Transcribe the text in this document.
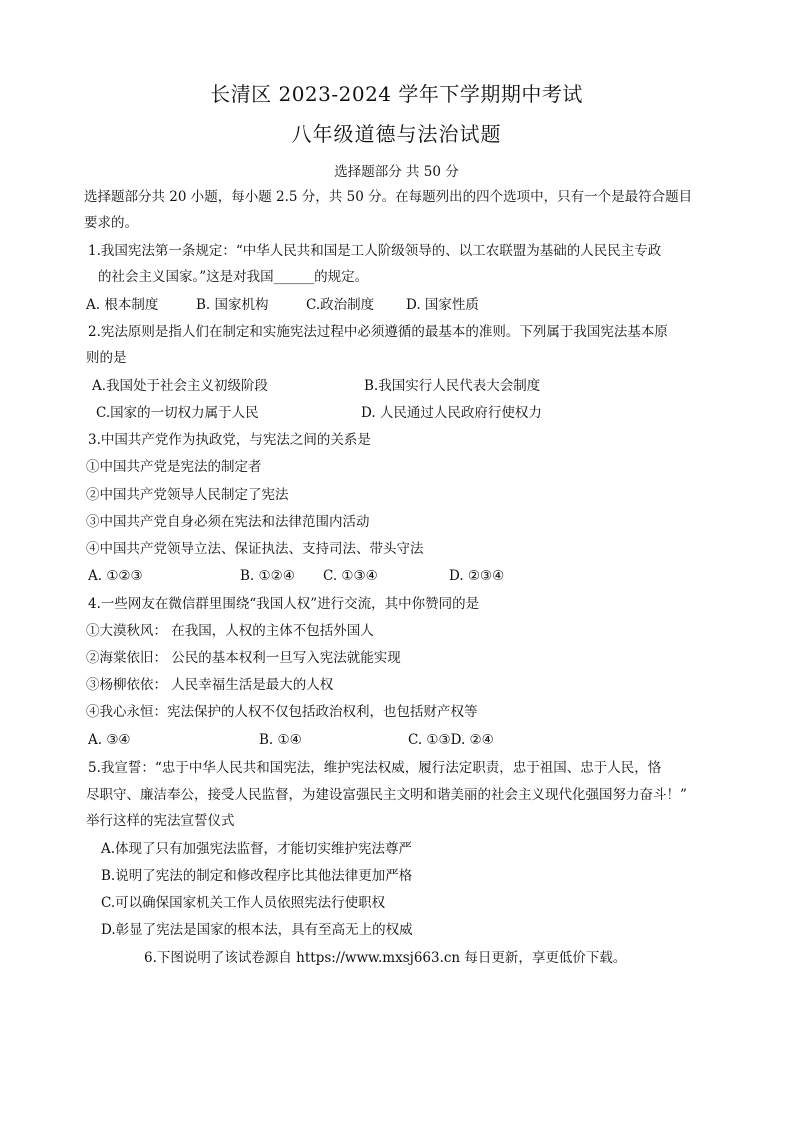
长清区 2023-2024 学年下学期期中考试
八年级道德与法治试题
选择题部分 共 50 分
选择题部分共 20 小题，每小题 2.5 分，共 50 分。在每题列出的四个选项中，只有一个是最符合题目
要求的。
1.我国宪法第一条规定：“中华人民共和国是工人阶级领导的、以工农联盟为基础的人民民主专政
的社会主义国家。”这是对我国______的规定。
A. 根本制度	B. 国家机构	C.政治制度 D. 国家性质
2.宪法原则是指人们在制定和实施宪法过程中必须遵循的最基本的准则。下列属于我国宪法基本原
则的是
A.我国处于社会主义初级阶段	B.我国实行人民代表大会制度
C.国家的一切权力属于人民	D. 人民通过人民政府行使权力
3.中国共产党作为执政党，与宪法之间的关系是
①中国共产党是宪法的制定者
②中国共产党领导人民制定了宪法
③中国共产党自身必须在宪法和法律范围内活动
④中国共产党领导立法、保证执法、支持司法、带头守法
A. ①②③	B. ①②④ C. ①③④	D. ②③④
4.一些网友在微信群里围绕“我国人权”进行交流，其中你赞同的是
①大漠秋风： 在我国，人权的主体不包括外国人
②海棠依旧： 公民的基本权利一旦写入宪法就能实现
③杨柳依依： 人民幸福生活是最大的人权
④我心永恒：宪法保护的人权不仅包括政治权利，也包括财产权等
A. ③④	B. ①④	C. ①③D. ②④
5.我宣誓：“忠于中华人民共和国宪法，维护宪法权威，履行法定职责，忠于祖国、忠于人民，恪
尽职守、廉洁奉公，接受人民监督，为建设富强民主文明和谐美丽的社会主义现代化强国努力奋斗！”
举行这样的宪法宣誓仪式
A.体现了只有加强宪法监督，才能切实维护宪法尊严
B.说明了宪法的制定和修改程序比其他法律更加严格
C.可以确保国家机关工作人员依照宪法行使职权
D.彰显了宪法是国家的根本法，具有至高无上的权威
6.下图说明了该试卷源自 https://www.mxsj663.cn 每日更新，享更低价下载。
